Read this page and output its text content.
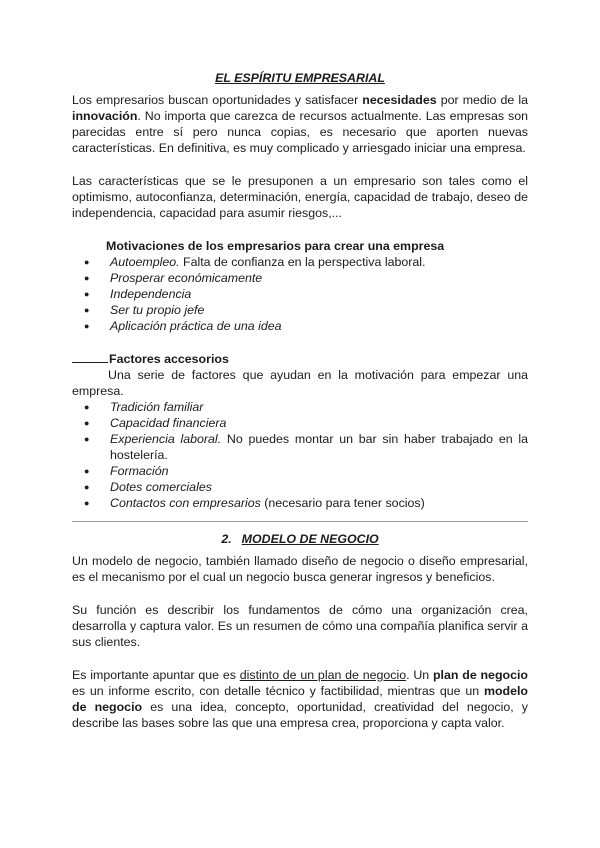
EL ESPÍRITU EMPRESARIAL

Los empresarios buscan oportunidades y satisfacer necesidades por medio de la innovación. No importa que carezca de recursos actualmente. Las empresas son parecidas entre sí pero nunca copias, es necesario que aporten nuevas características. En definitiva, es muy complicado y arriesgado iniciar una empresa.

Las características que se le presuponen a un empresario son tales como el optimismo, autoconfianza, determinación, energía, capacidad de trabajo, deseo de independencia, capacidad para asumir riesgos,...

Motivaciones de los empresarios para crear una empresa

● Autoempleo. Falta de confianza en la perspectiva laboral.
● Prosperar económicamente
● Independencia
● Ser tu propio jefe
● Aplicación práctica de una idea

Factores accesorios

Una serie de factores que ayudan en la motivación para empezar una empresa.

● Tradición familiar
● Capacidad financiera
● Experiencia laboral. No puedes montar un bar sin haber trabajado en la hostelería.
● Formación
● Dotes comerciales
● Contactos con empresarios (necesario para tener socios)

2. MODELO DE NEGOCIO

Un modelo de negocio, también llamado diseño de negocio o diseño empresarial, es el mecanismo por el cual un negocio busca generar ingresos y beneficios.

Su función es describir los fundamentos de cómo una organización crea, desarrolla y captura valor. Es un resumen de cómo una compañía planifica servir a sus clientes.

Es importante apuntar que es distinto de un plan de negocio. Un plan de negocio es un informe escrito, con detalle técnico y factibilidad, mientras que un modelo de negocio es una idea, concepto, oportunidad, creatividad del negocio, y describe las bases sobre las que una empresa crea, proporciona y capta valor.
